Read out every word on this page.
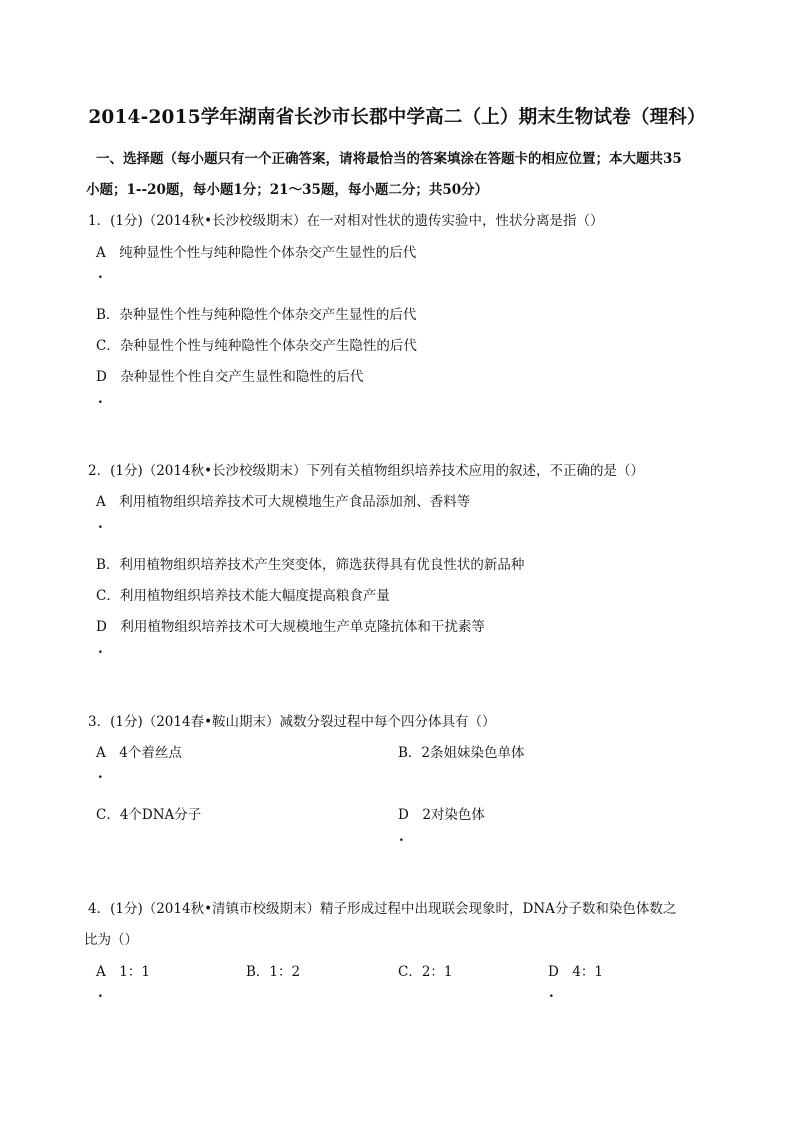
2014-2015学年湖南省长沙市长郡中学高二（上）期末生物试卷（理科）
一、选择题（每小题只有一个正确答案，请将最恰当的答案填涂在答题卡的相应位置；本大题共35
小题；1--20题，每小题1分；21～35题，每小题二分；共50分）
1．(1分)（2014秋•长沙校级期末）在一对相对性状的遗传实验中，性状分离是指（）
A　纯种显性个性与纯种隐性个体杂交产生显性的后代
.
B．杂种显性个性与纯种隐性个体杂交产生显性的后代
C．杂种显性个性与纯种隐性个体杂交产生隐性的后代
D　杂种显性个性自交产生显性和隐性的后代
.
2．(1分)（2014秋•长沙校级期末）下列有关植物组织培养技术应用的叙述，不正确的是（）
A　利用植物组织培养技术可大规模地生产食品添加剂、香料等
.
B．利用植物组织培养技术产生突变体，筛选获得具有优良性状的新品种
C．利用植物组织培养技术能大幅度提高粮食产量
D　利用植物组织培养技术可大规模地生产单克隆抗体和干扰素等
.
3．(1分)（2014春•鞍山期末）减数分裂过程中每个四分体具有（）
A　4个着丝点	B．2条姐妹染色单体
.
C．4个DNA分子	D　2对染色体
.
4．(1分)（2014秋•清镇市校级期末）精子形成过程中出现联会现象时，DNA分子数和染色体数之
比为（）
A　1：1	B．1：2	C．2：1	D　4：1
.	.
